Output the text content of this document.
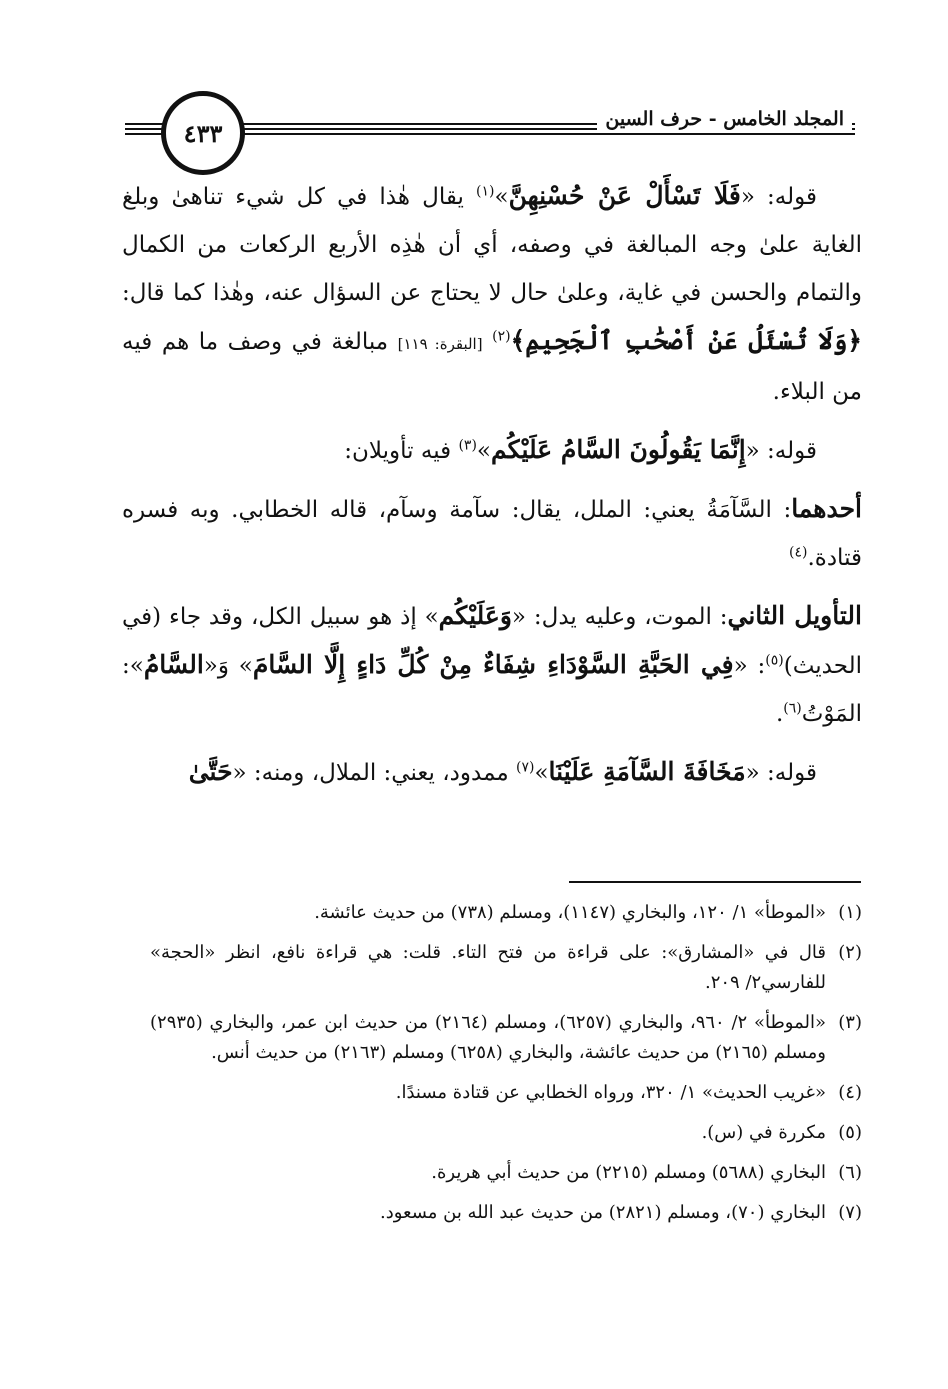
المجلد الخامس - حرف السين
٤٣٣

قوله: «فَلَا تَسْأَلْ عَنْ حُسْنِهِنَّ»$^{(١)}$ يقال هٰذا في كل شيء تناهىٰ وبلغ الغاية علىٰ وجه المبالغة في وصفه، أي أن هٰذِه الأربع الركعات من الكمال والتمام والحسن في غاية، وعلىٰ حال لا يحتاج عن السؤال عنه، وهٰذا كما قال: ﴿وَلَا تُسْئَلُ عَنْ أَصْحَٰبِ ٱلْجَحِيمِ﴾$^{(٢)}$ [البقرة: ١١٩] مبالغة في وصف ما هم فيه من البلاء.

قوله: «إِنَّمَا يَقُولُونَ السَّامُ عَلَيْكُم»$^{(٣)}$ فيه تأويلان:

أحدهما: السَّآمَةُ يعني: الملل، يقال: سآمة وسآم، قاله الخطابي. وبه فسره قتادة.$^{(٤)}$

التأويل الثاني: الموت، وعليه يدل: «وَعَلَيْكُم» إذ هو سبيل الكل، وقد جاء (في الحديث)$^{(٥)}$: «فِي الحَبَّةِ السَّوْدَاءِ شِفَاءٌ مِنْ كُلِّ دَاءٍ إِلَّا السَّامَ» وَ«السَّامُ»: المَوْتُ$^{(٦)}$.

قوله: «مَخَافَةَ السَّآمَةِ عَلَيْنَا»$^{(٧)}$ ممدود، يعني: الملال، ومنه: «حَتَّىٰ

(١)
«الموطأ» ١/ ١٢٠، والبخاري (١١٤٧)، ومسلم (٧٣٨) من حديث عائشة.
(٢)
قال في «المشارق»: على قراءة من فتح التاء. قلت: هي قراءة نافع، انظر «الحجة» للفارسي٢/ ٢٠٩.
(٣)
«الموطأ» ٢/ ٩٦٠، والبخاري (٦٢٥٧)، ومسلم (٢١٦٤) من حديث ابن عمر، والبخاري (٢٩٣٥) ومسلم (٢١٦٥) من حديث عائشة، والبخاري (٦٢٥٨) ومسلم (٢١٦٣) من حديث أنس.
(٤)
«غريب الحديث» ١/ ٣٢٠، ورواه الخطابي عن قتادة مسندًا.
(٥)
مكررة في (س).
(٦)
البخاري (٥٦٨٨) ومسلم (٢٢١٥) من حديث أبي هريرة.
(٧)
البخاري (٧٠)، ومسلم (٢٨٢١) من حديث عبد الله بن مسعود.
